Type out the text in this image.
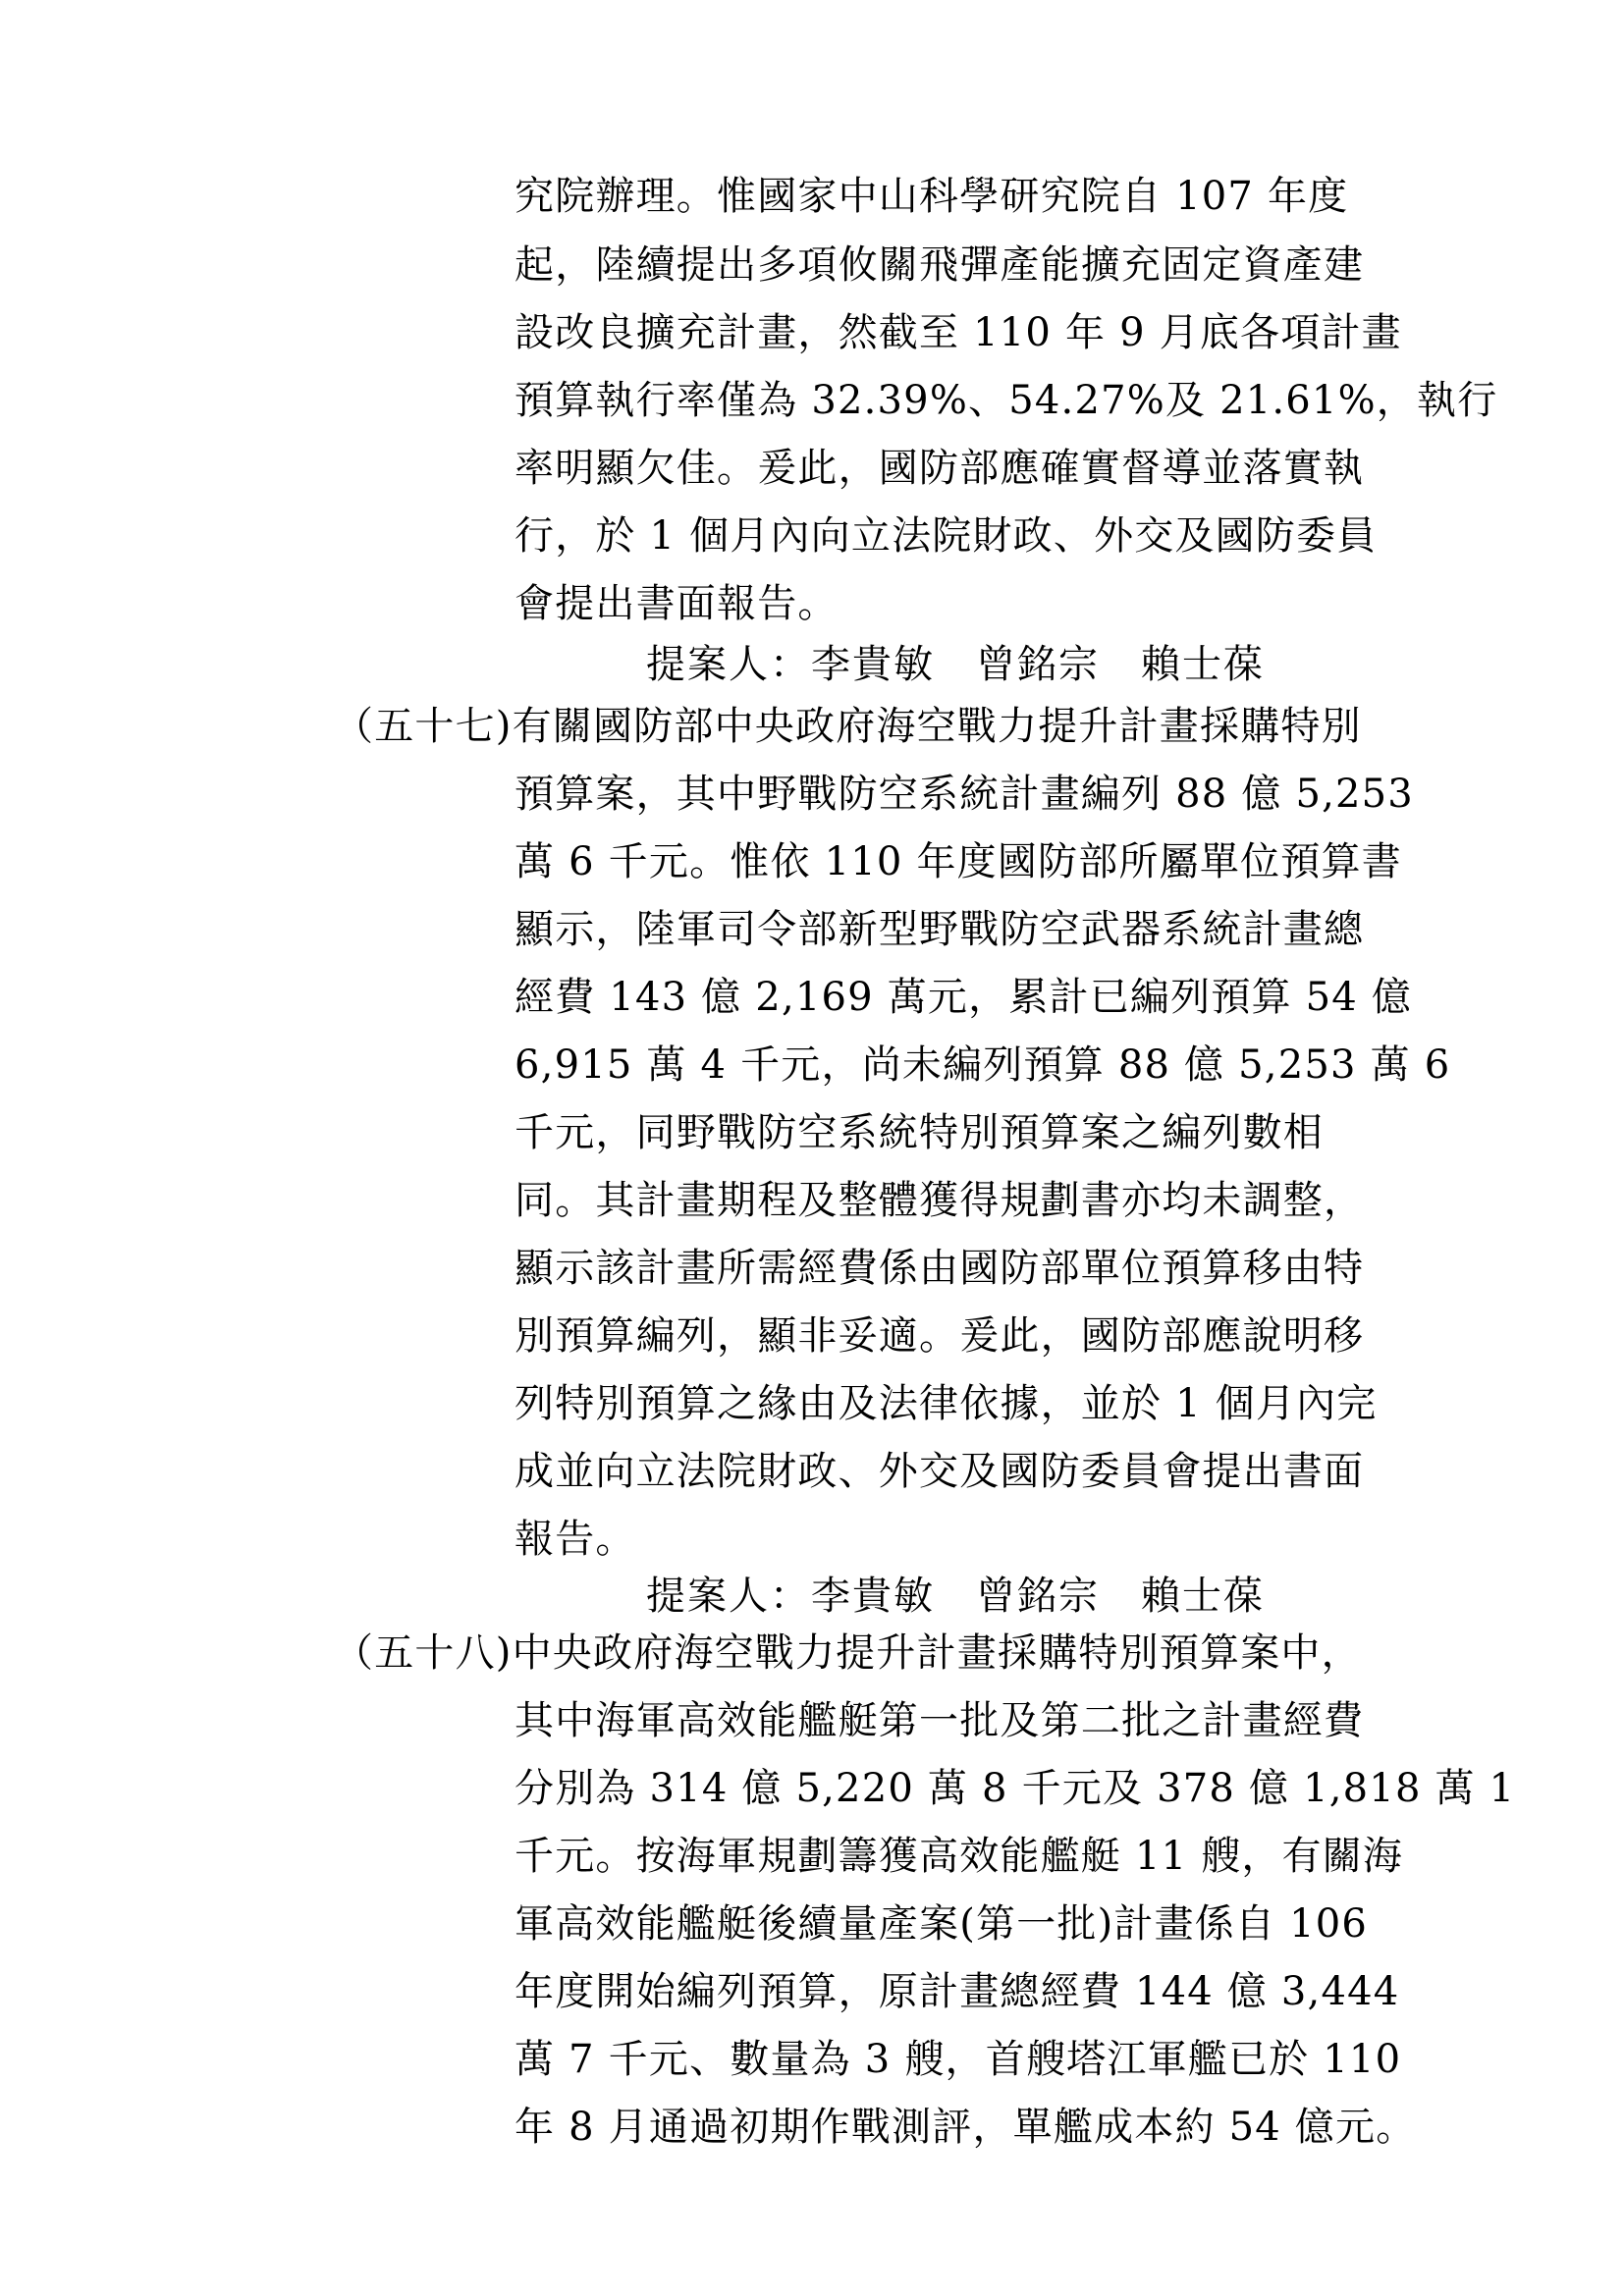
究院辦理。惟國家中山科學研究院自 107 年度
起，陸續提出多項攸關飛彈產能擴充固定資產建
設改良擴充計畫，然截至 110 年 9 月底各項計畫
預算執行率僅為 32.39%、54.27%及 21.61%，執行
率明顯欠佳。爰此，國防部應確實督導並落實執
行，於 1 個月內向立法院財政、外交及國防委員
會提出書面報告。
提案人：李貴敏　曾銘宗　賴士葆
（五十七)有關國防部中央政府海空戰力提升計畫採購特別
預算案，其中野戰防空系統計畫編列 88 億 5,253
萬 6 千元。惟依 110 年度國防部所屬單位預算書
顯示，陸軍司令部新型野戰防空武器系統計畫總
經費 143 億 2,169 萬元，累計已編列預算 54 億
6,915 萬 4 千元，尚未編列預算 88 億 5,253 萬 6
千元，同野戰防空系統特別預算案之編列數相
同。其計畫期程及整體獲得規劃書亦均未調整，
顯示該計畫所需經費係由國防部單位預算移由特
別預算編列，顯非妥適。爰此，國防部應說明移
列特別預算之緣由及法律依據，並於 1 個月內完
成並向立法院財政、外交及國防委員會提出書面
報告。
提案人：李貴敏　曾銘宗　賴士葆
（五十八)中央政府海空戰力提升計畫採購特別預算案中，
其中海軍高效能艦艇第一批及第二批之計畫經費
分別為 314 億 5,220 萬 8 千元及 378 億 1,818 萬 1
千元。按海軍規劃籌獲高效能艦艇 11 艘，有關海
軍高效能艦艇後續量產案(第一批)計畫係自 106
年度開始編列預算，原計畫總經費 144 億 3,444
萬 7 千元、數量為 3 艘，首艘塔江軍艦已於 110
年 8 月通過初期作戰測評，單艦成本約 54 億元。
